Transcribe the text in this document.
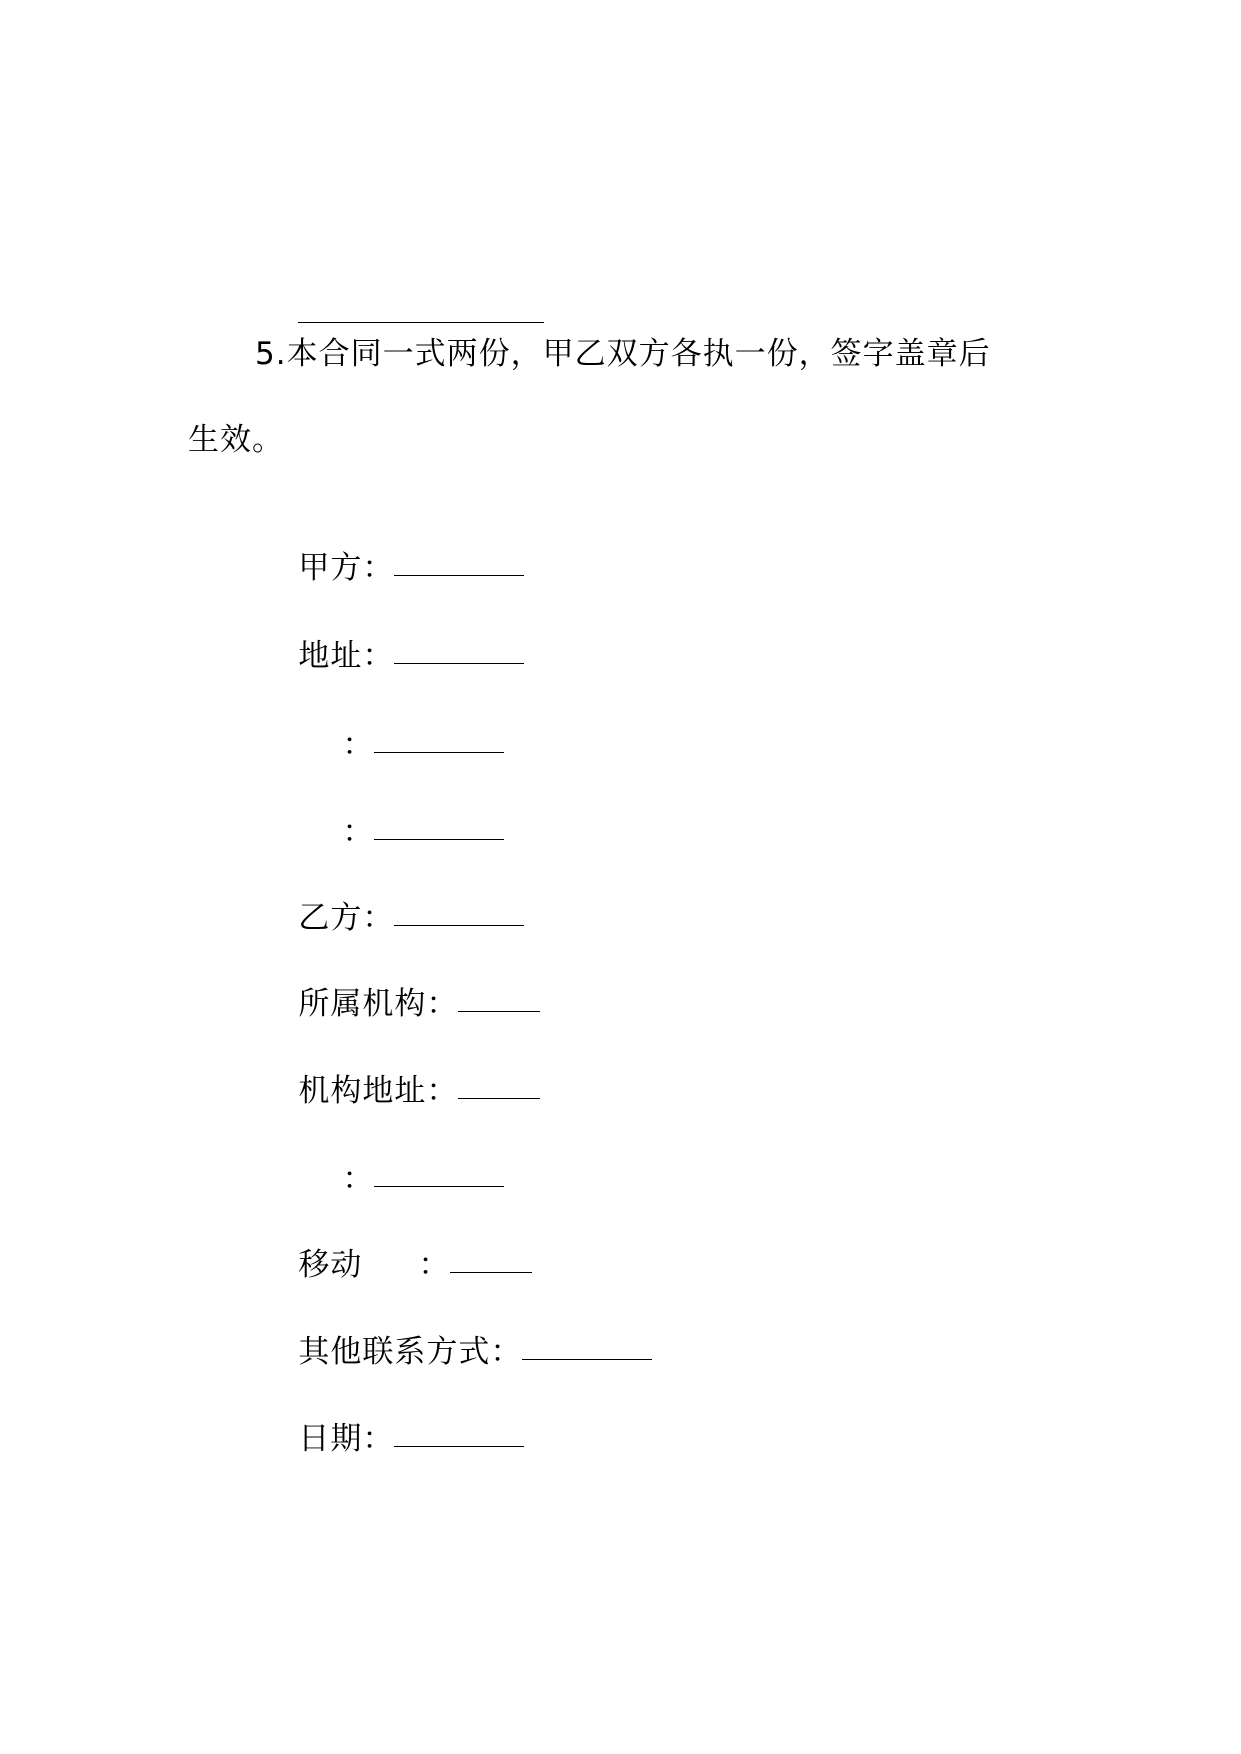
5.本合同一式两份，甲乙双方各执一份，签字盖章后
生效。

甲方：

地址：

：

：

乙方：

所属机构：

机构地址：

：

移动 ：

其他联系方式：

日期：
